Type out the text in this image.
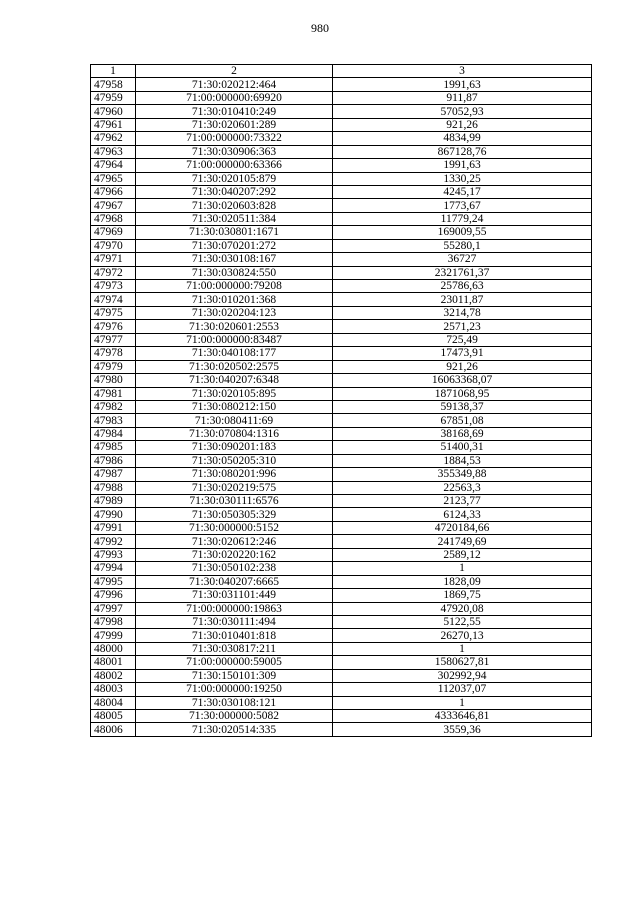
980
1	2	3
47958	71:30:020212:464	1991,63
47959	71:00:000000:69920	911,87
47960	71:30:010410:249	57052,93
47961	71:30:020601:289	921,26
47962	71:00:000000:73322	4834,99
47963	71:30:030906:363	867128,76
47964	71:00:000000:63366	1991,63
47965	71:30:020105:879	1330,25
47966	71:30:040207:292	4245,17
47967	71:30:020603:828	1773,67
47968	71:30:020511:384	11779,24
47969	71:30:030801:1671	169009,55
47970	71:30:070201:272	55280,1
47971	71:30:030108:167	36727
47972	71:30:030824:550	2321761,37
47973	71:00:000000:79208	25786,63
47974	71:30:010201:368	23011,87
47975	71:30:020204:123	3214,78
47976	71:30:020601:2553	2571,23
47977	71:00:000000:83487	725,49
47978	71:30:040108:177	17473,91
47979	71:30:020502:2575	921,26
47980	71:30:040207:6348	16063368,07
47981	71:30:020105:895	1871068,95
47982	71:30:080212:150	59138,37
47983	71:30:080411:69	67851,08
47984	71:30:070804:1316	38168,69
47985	71:30:090201:183	51400,31
47986	71:30:050205:310	1884,53
47987	71:30:080201:996	355349,88
47988	71:30:020219:575	22563,3
47989	71:30:030111:6576	2123,77
47990	71:30:050305:329	6124,33
47991	71:30:000000:5152	4720184,66
47992	71:30:020612:246	241749,69
47993	71:30:020220:162	2589,12
47994	71:30:050102:238	1
47995	71:30:040207:6665	1828,09
47996	71:30:031101:449	1869,75
47997	71:00:000000:19863	47920,08
47998	71:30:030111:494	5122,55
47999	71:30:010401:818	26270,13
48000	71:30:030817:211	1
48001	71:00:000000:59005	1580627,81
48002	71:30:150101:309	302992,94
48003	71:00:000000:19250	112037,07
48004	71:30:030108:121	1
48005	71:30:000000:5082	4333646,81
48006	71:30:020514:335	3559,36
